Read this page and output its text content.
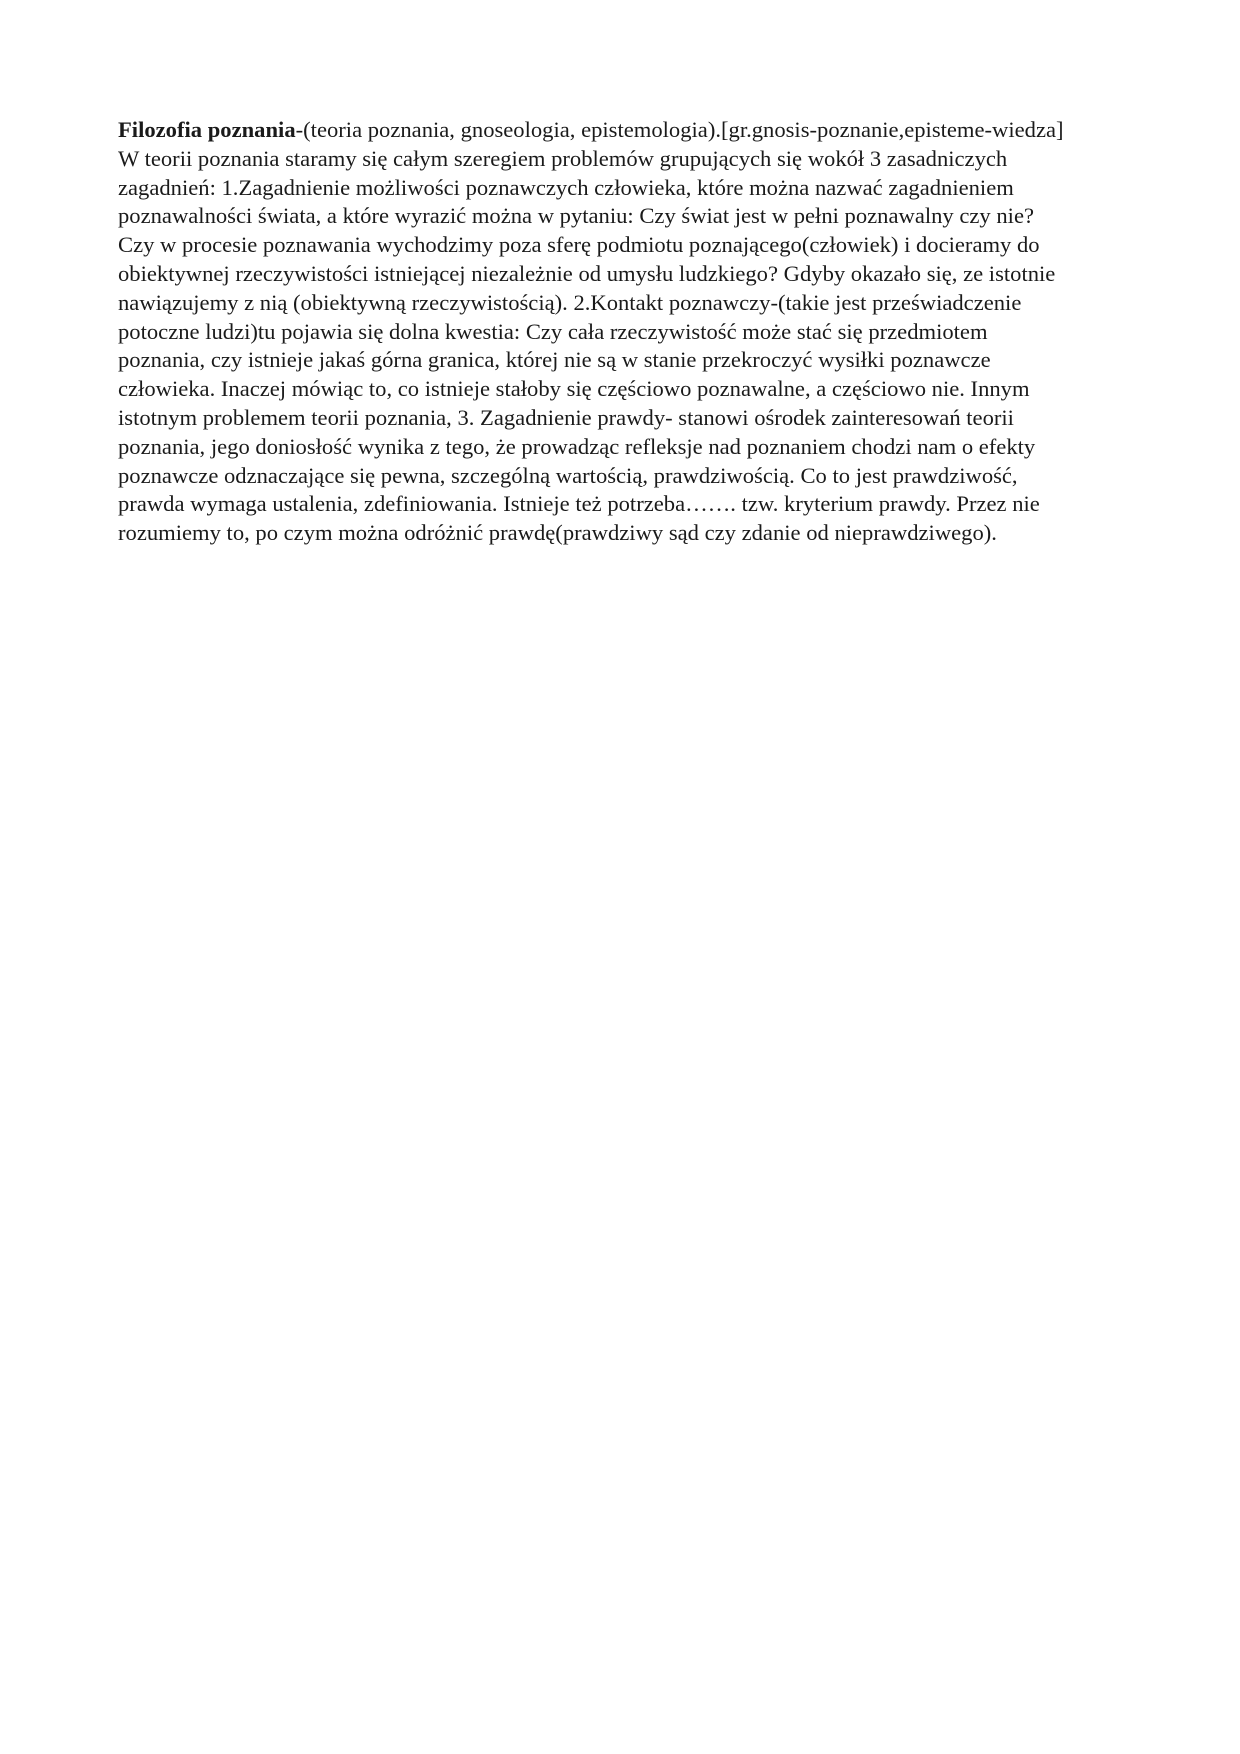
Filozofia poznania-(teoria poznania, gnoseologia, epistemologia).[gr.gnosis-poznanie,episteme-wiedza]
W teorii poznania staramy się całym szeregiem problemów grupujących się wokół 3 zasadniczych
zagadnień: 1.Zagadnienie możliwości poznawczych człowieka, które można nazwać zagadnieniem
poznawalności świata, a które wyrazić można w pytaniu: Czy świat jest w pełni poznawalny czy nie?
Czy w procesie poznawania wychodzimy poza sferę podmiotu poznającego(człowiek) i docieramy do
obiektywnej rzeczywistości istniejącej niezależnie od umysłu ludzkiego? Gdyby okazało się, ze istotnie
nawiązujemy z nią (obiektywną rzeczywistością). 2.Kontakt poznawczy-(takie jest przeświadczenie
potoczne ludzi)tu pojawia się dolna kwestia: Czy cała rzeczywistość może stać się przedmiotem
poznania, czy istnieje jakaś górna granica, której nie są w stanie przekroczyć wysiłki poznawcze
człowieka. Inaczej mówiąc to, co istnieje stałoby się częściowo poznawalne, a częściowo nie. Innym
istotnym problemem teorii poznania, 3. Zagadnienie prawdy- stanowi ośrodek zainteresowań teorii
poznania, jego doniosłość wynika z tego, że prowadząc refleksje nad poznaniem chodzi nam o efekty
poznawcze odznaczające się pewna, szczególną wartością, prawdziwością. Co to jest prawdziwość,
prawda wymaga ustalenia, zdefiniowania. Istnieje też potrzeba……. tzw. kryterium prawdy. Przez nie
rozumiemy to, po czym można odróżnić prawdę(prawdziwy sąd czy zdanie od nieprawdziwego).
